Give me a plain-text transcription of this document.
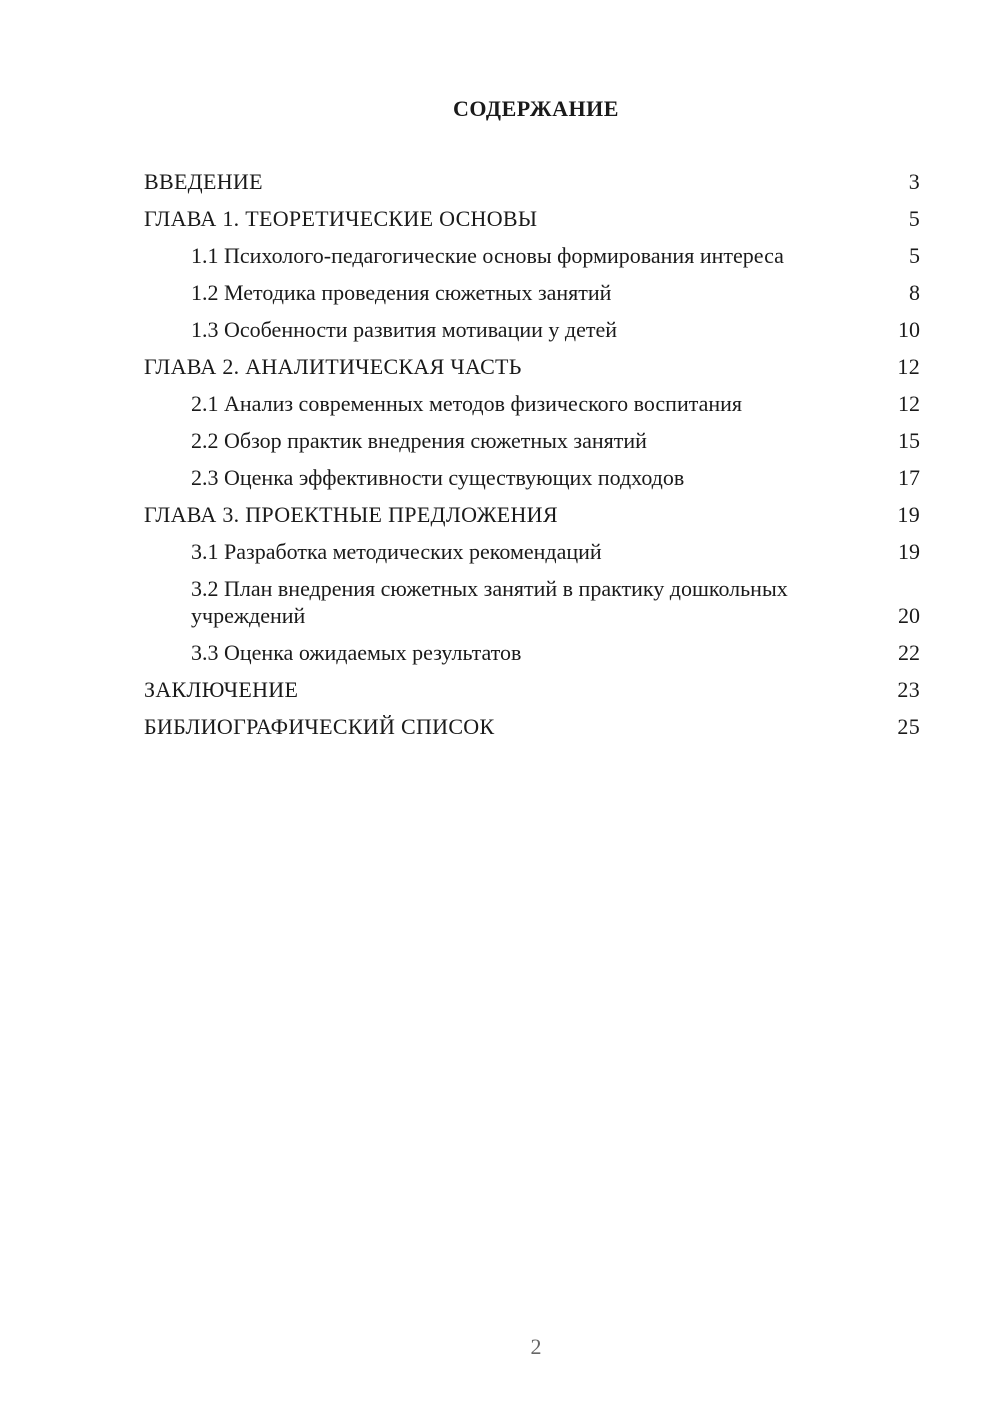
СОДЕРЖАНИЕ
ВВЕДЕНИЕ	3
ГЛАВА 1. ТЕОРЕТИЧЕСКИЕ ОСНОВЫ	5
1.1 Психолого-педагогические основы формирования интереса	5
1.2 Методика проведения сюжетных занятий	8
1.3 Особенности развития мотивации у детей	10
ГЛАВА 2. АНАЛИТИЧЕСКАЯ ЧАСТЬ	12
2.1 Анализ современных методов физического воспитания	12
2.2 Обзор практик внедрения сюжетных занятий	15
2.3 Оценка эффективности существующих подходов	17
ГЛАВА 3. ПРОЕКТНЫЕ ПРЕДЛОЖЕНИЯ	19
3.1 Разработка методических рекомендаций	19
3.2 План внедрения сюжетных занятий в практику дошкольных учреждений	20
3.3 Оценка ожидаемых результатов	22
ЗАКЛЮЧЕНИЕ	23
БИБЛИОГРАФИЧЕСКИЙ СПИСОК	25
2
